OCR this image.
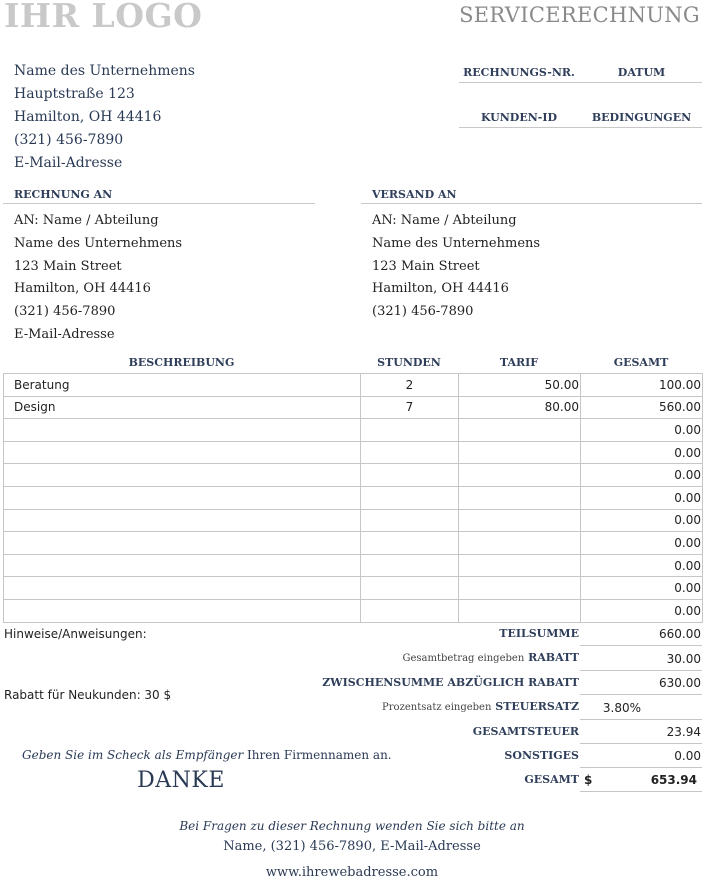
IHR LOGO	SERVICERECHNUNG
Name des Unternehmens
Hauptstraße 123
Hamilton, OH 44416
(321) 456-7890
E-Mail-Adresse
RECHNUNGS-NR.	DATUM
KUNDEN-ID	BEDINGUNGEN
RECHNUNG AN
AN: Name / Abteilung
Name des Unternehmens
123 Main Street
Hamilton, OH 44416
(321) 456-7890
E-Mail-Adresse
VERSAND AN
AN: Name / Abteilung
Name des Unternehmens
123 Main Street
Hamilton, OH 44416
(321) 456-7890
BESCHREIBUNG	STUNDEN	TARIF	GESAMT
Beratung	2	50.00	100.00
Design	7	80.00	560.00
			0.00
			0.00
			0.00
			0.00
			0.00
			0.00
			0.00
			0.00
			0.00
Hinweise/Anweisungen:
Rabatt für Neukunden: 30 $
TEILSUMME	660.00
Gesamtbetrag eingeben RABATT	30.00
ZWISCHENSUMME ABZÜGLICH RABATT	630.00
Prozentsatz eingeben STEUERSATZ	3.80%
GESAMTSTEUER	23.94
SONSTIGES	0.00
GESAMT $	653.94
Geben Sie im Scheck als Empfänger Ihren Firmennamen an.
DANKE
Bei Fragen zu dieser Rechnung wenden Sie sich bitte an
Name, (321) 456-7890, E-Mail-Adresse
www.ihrewebadresse.com
